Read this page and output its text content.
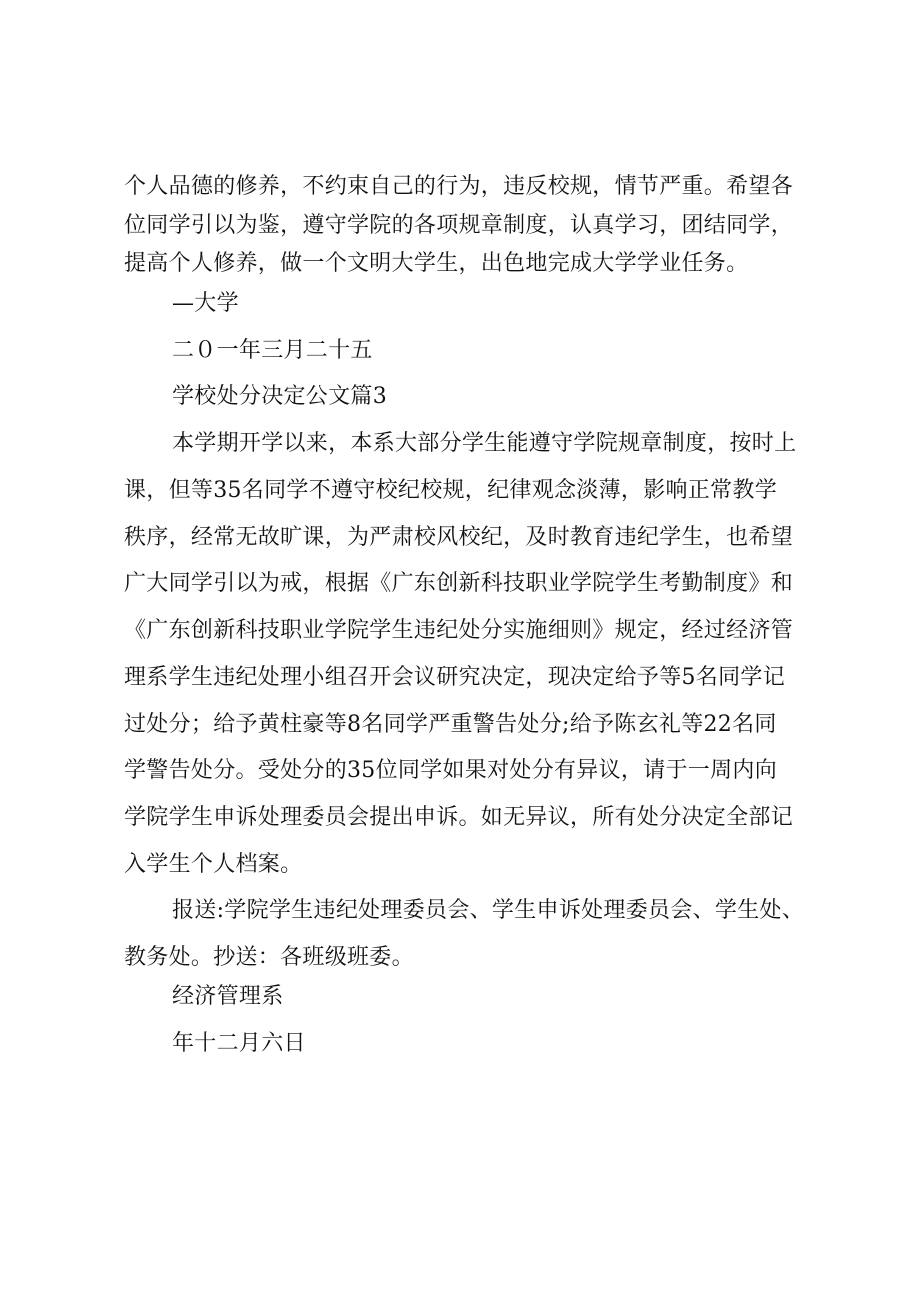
个人品德的修养，不约束自己的行为，违反校规，情节严重。希望各
位同学引以为鉴，遵守学院的各项规章制度，认真学习，团结同学，
提高个人修养，做一个文明大学生，出色地完成大学学业任务。
—大学
二０一年三月二十五
学校处分决定公文篇3
本学期开学以来，本系大部分学生能遵守学院规章制度，按时上
课，但等35名同学不遵守校纪校规，纪律观念淡薄，影响正常教学
秩序，经常无故旷课，为严肃校风校纪，及时教育违纪学生，也希望
广大同学引以为戒，根据《广东创新科技职业学院学生考勤制度》和
《广东创新科技职业学院学生违纪处分实施细则》规定，经过经济管
理系学生违纪处理小组召开会议研究决定，现决定给予等5名同学记
过处分；给予黄柱豪等8名同学严重警告处分;给予陈玄礼等22名同
学警告处分。受处分的35位同学如果对处分有异议，请于一周内向
学院学生申诉处理委员会提出申诉。如无异议，所有处分决定全部记
入学生个人档案。
报送:学院学生违纪处理委员会、学生申诉处理委员会、学生处、
教务处。抄送：各班级班委。
经济管理系
年十二月六日
